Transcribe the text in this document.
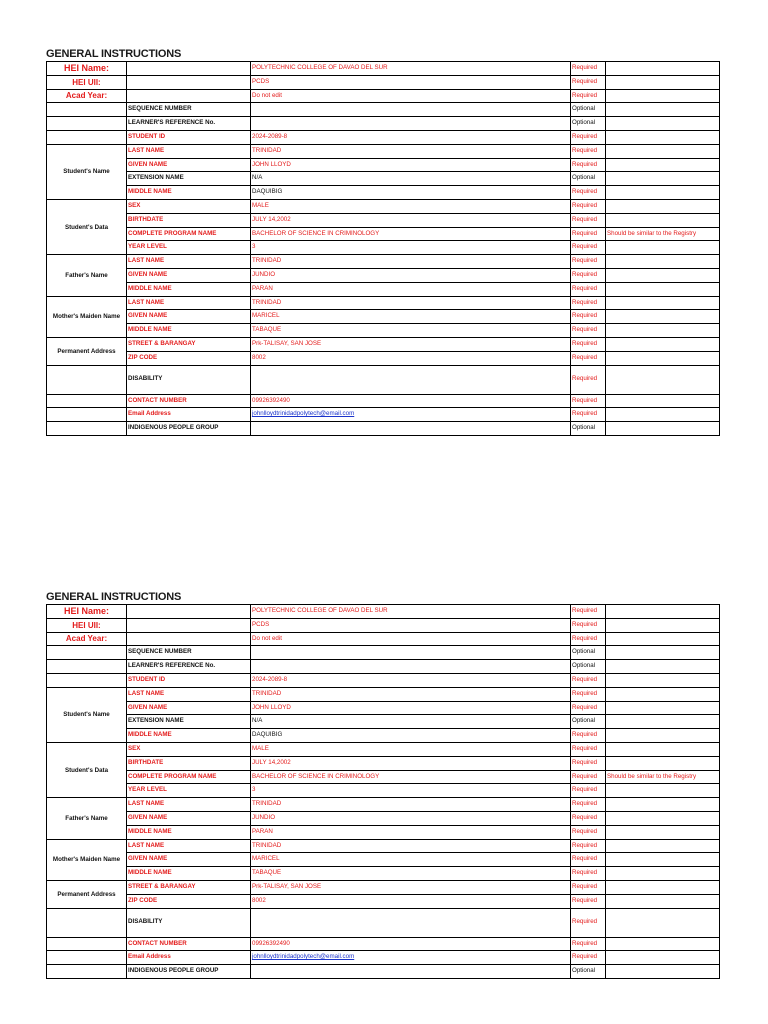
GENERAL INSTRUCTIONS
HEI Name:		POLYTECHNIC COLLEGE OF DAVAO DEL SUR	Required	
HEI UII:		PCDS	Required	
Acad Year:		Do not edit	Required	
	SEQUENCE NUMBER		Optional	
	LEARNER'S REFERENCE No.		Optional	
	STUDENT ID	2024-2089-8	Required	
Student's Name	LAST NAME	TRINIDAD	Required	
	GIVEN NAME	JOHN LLOYD	Required	
	EXTENSION NAME	N/A	Optional	
	MIDDLE NAME	DAQUIBIG	Required	
Student's Data	SEX	MALE	Required	
	BIRTHDATE	JULY 14,2002	Required	
	COMPLETE PROGRAM NAME	BACHELOR OF SCIENCE IN CRIMINOLOGY	Required	Should be similar to the Registry
	YEAR LEVEL	3	Required	
Father's Name	LAST NAME	TRINIDAD	Required	
	GIVEN NAME	JUNDIO	Required	
	MIDDLE NAME	PARAN	Required	
Mother's Maiden Name	LAST NAME	TRINIDAD	Required	
	GIVEN NAME	MARICEL	Required	
	MIDDLE NAME	TABAQUE	Required	
Permanent Address	STREET & BARANGAY	Prk-TALISAY, SAN JOSE	Required	
	ZIP CODE	8002	Required	
	DISABILITY		Required	
	CONTACT NUMBER	09926392490	Required	
	Email Address	johnlloydtrinidadpolytech@email.com	Required	
	INDIGENOUS PEOPLE GROUP		Optional	
GENERAL INSTRUCTIONS
HEI Name:		POLYTECHNIC COLLEGE OF DAVAO DEL SUR	Required	
HEI UII:		PCDS	Required	
Acad Year:		Do not edit	Required	
	SEQUENCE NUMBER		Optional	
	LEARNER'S REFERENCE No.		Optional	
	STUDENT ID	2024-2089-8	Required	
Student's Name	LAST NAME	TRINIDAD	Required	
	GIVEN NAME	JOHN LLOYD	Required	
	EXTENSION NAME	N/A	Optional	
	MIDDLE NAME	DAQUIBIG	Required	
Student's Data	SEX	MALE	Required	
	BIRTHDATE	JULY 14,2002	Required	
	COMPLETE PROGRAM NAME	BACHELOR OF SCIENCE IN CRIMINOLOGY	Required	Should be similar to the Registry
	YEAR LEVEL	3	Required	
Father's Name	LAST NAME	TRINIDAD	Required	
	GIVEN NAME	JUNDIO	Required	
	MIDDLE NAME	PARAN	Required	
Mother's Maiden Name	LAST NAME	TRINIDAD	Required	
	GIVEN NAME	MARICEL	Required	
	MIDDLE NAME	TABAQUE	Required	
Permanent Address	STREET & BARANGAY	Prk-TALISAY, SAN JOSE	Required	
	ZIP CODE	8002	Required	
	DISABILITY		Required	
	CONTACT NUMBER	09926392490	Required	
	Email Address	johnlloydtrinidadpolytech@email.com	Required	
	INDIGENOUS PEOPLE GROUP		Optional	
